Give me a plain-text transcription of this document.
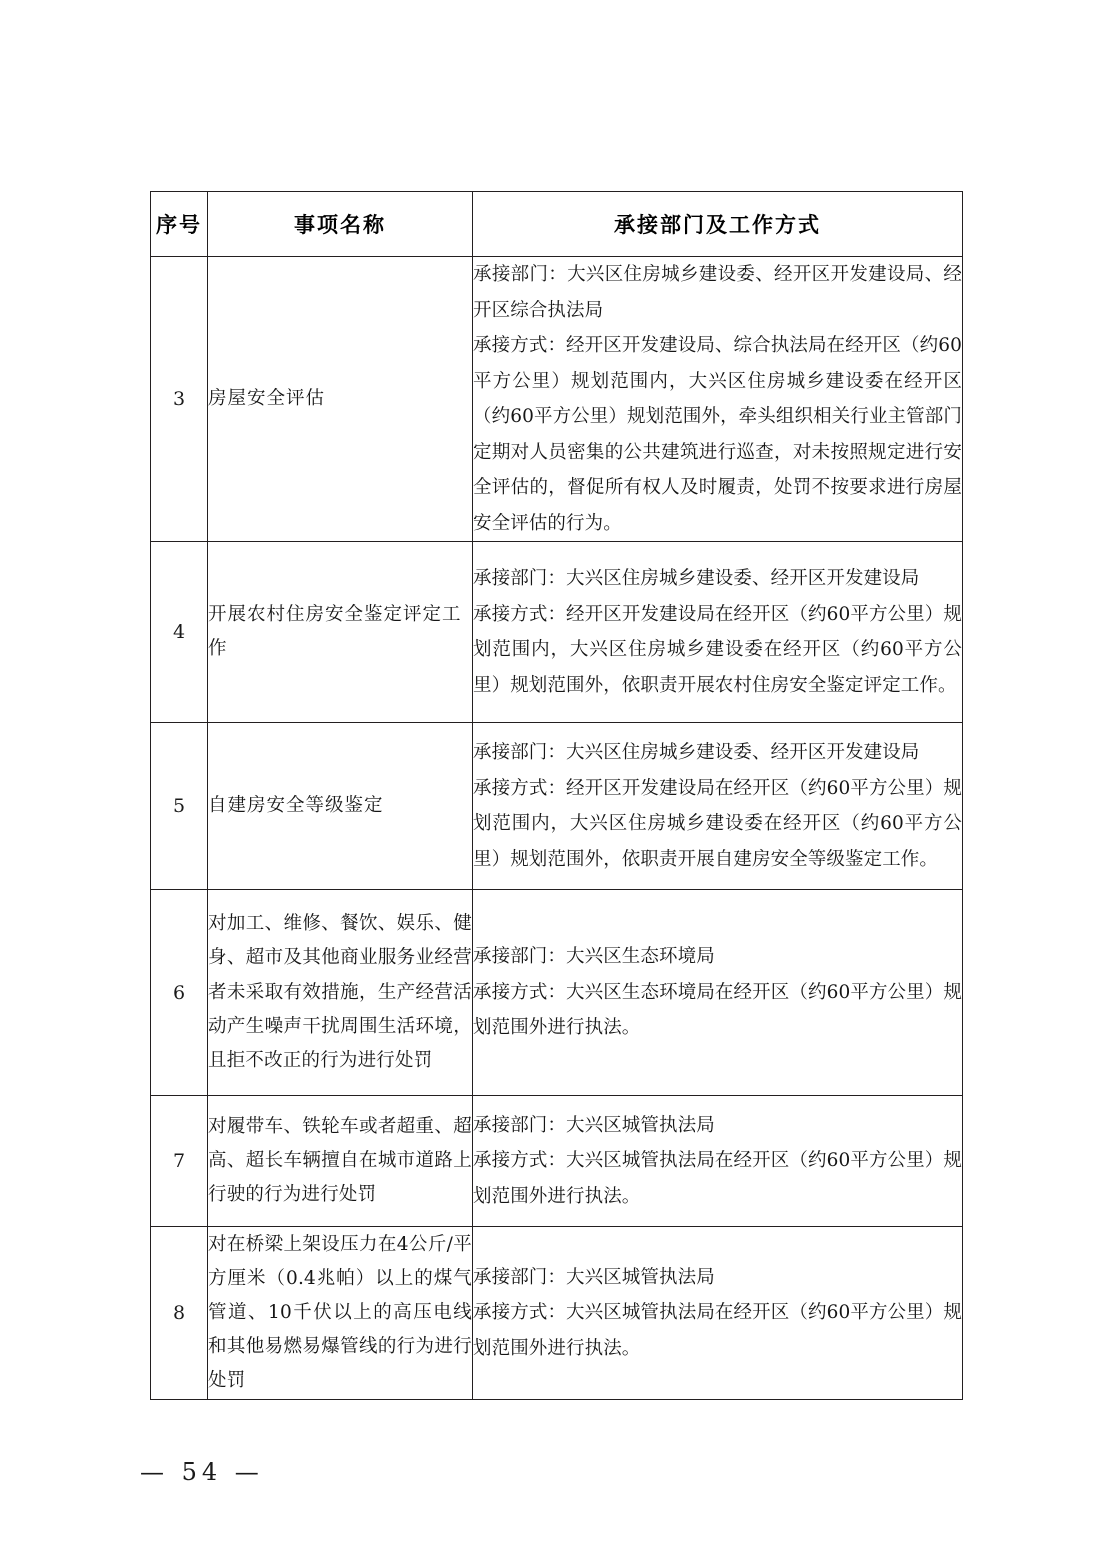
序号	事项名称	承接部门及工作方式
3	房屋安全评估	承接部门：大兴区住房城乡建设委、经开区开发建设局、经开区综合执法局

承接方式：经开区开发建设局、综合执法局在经开区（约60平方公里）规划范围内，大兴区住房城乡建设委在经开区（约60平方公里）规划范围外，牵头组织相关行业主管部门定期对人员密集的公共建筑进行巡查，对未按照规定进行安全评估的，督促所有权人及时履责，处罚不按要求进行房屋安全评估的行为。

4	开展农村住房安全鉴定评定工作	承接部门：大兴区住房城乡建设委、经开区开发建设局

承接方式：经开区开发建设局在经开区（约60平方公里）规划范围内，大兴区住房城乡建设委在经开区（约60平方公里）规划范围外，依职责开展农村住房安全鉴定评定工作。

5	自建房安全等级鉴定	承接部门：大兴区住房城乡建设委、经开区开发建设局

承接方式：经开区开发建设局在经开区（约60平方公里）规划范围内，大兴区住房城乡建设委在经开区（约60平方公里）规划范围外，依职责开展自建房安全等级鉴定工作。

6	对加工、维修、餐饮、娱乐、健身、超市及其他商业服务业经营者未采取有效措施，生产经营活动产生噪声干扰周围生活环境，且拒不改正的行为进行处罚	承接部门：大兴区生态环境局

承接方式：大兴区生态环境局在经开区（约60平方公里）规划范围外进行执法。

7	对履带车、铁轮车或者超重、超高、超长车辆擅自在城市道路上行驶的行为进行处罚	承接部门：大兴区城管执法局

承接方式：大兴区城管执法局在经开区（约60平方公里）规划范围外进行执法。

8	对在桥梁上架设压力在4公斤/平方厘米（0.4兆帕）以上的煤气管道、10千伏以上的高压电线和其他易燃易爆管线的行为进行处罚	承接部门：大兴区城管执法局

承接方式：大兴区城管执法局在经开区（约60平方公里）规划范围外进行执法。

— 54 —
